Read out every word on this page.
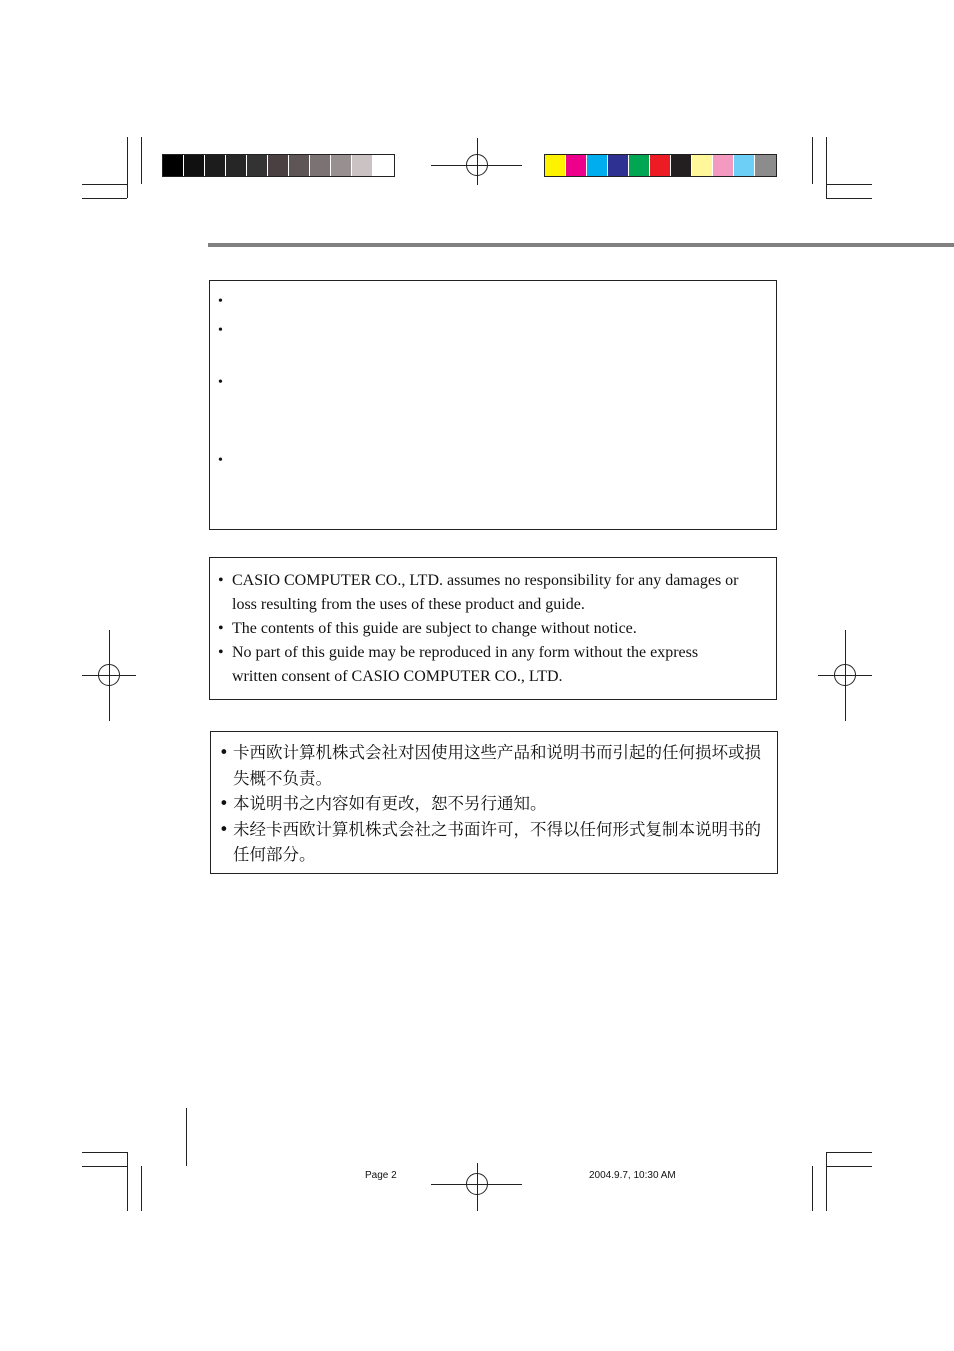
•
•
•
•
• CASIO COMPUTER CO., LTD. assumes no responsibility for any damages or
loss resulting from the uses of these product and guide.
• The contents of this guide are subject to change without notice.
• No part of this guide may be reproduced in any form without the express
written consent of CASIO COMPUTER CO., LTD.
• 卡西欧计算机株式会社对因使用这些产品和说明书而引起的任何损坏或损
失概不负责。
• 本说明书之内容如有更改，恕不另行通知。
• 未经卡西欧计算机株式会社之书面许可，不得以任何形式复制本说明书的
任何部分。
Page 2	2004.9.7, 10:30 AM
